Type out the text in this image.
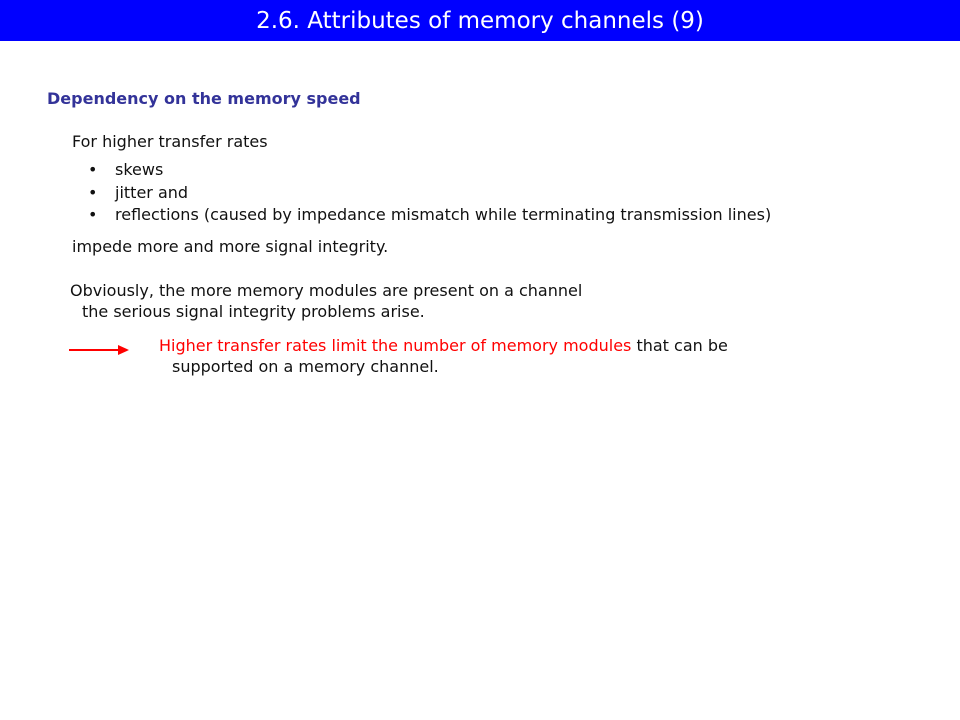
2.6. Attributes of memory channels (9)
Dependency on the memory speed
For higher transfer rates
• skews
• jitter and
• reflections (caused by impedance mismatch while terminating transmission lines)
impede more and more signal integrity.
Obviously, the more memory modules are present on a channel
the serious signal integrity problems arise.
Higher transfer rates limit the number of memory modules that can be
supported on a memory channel.
